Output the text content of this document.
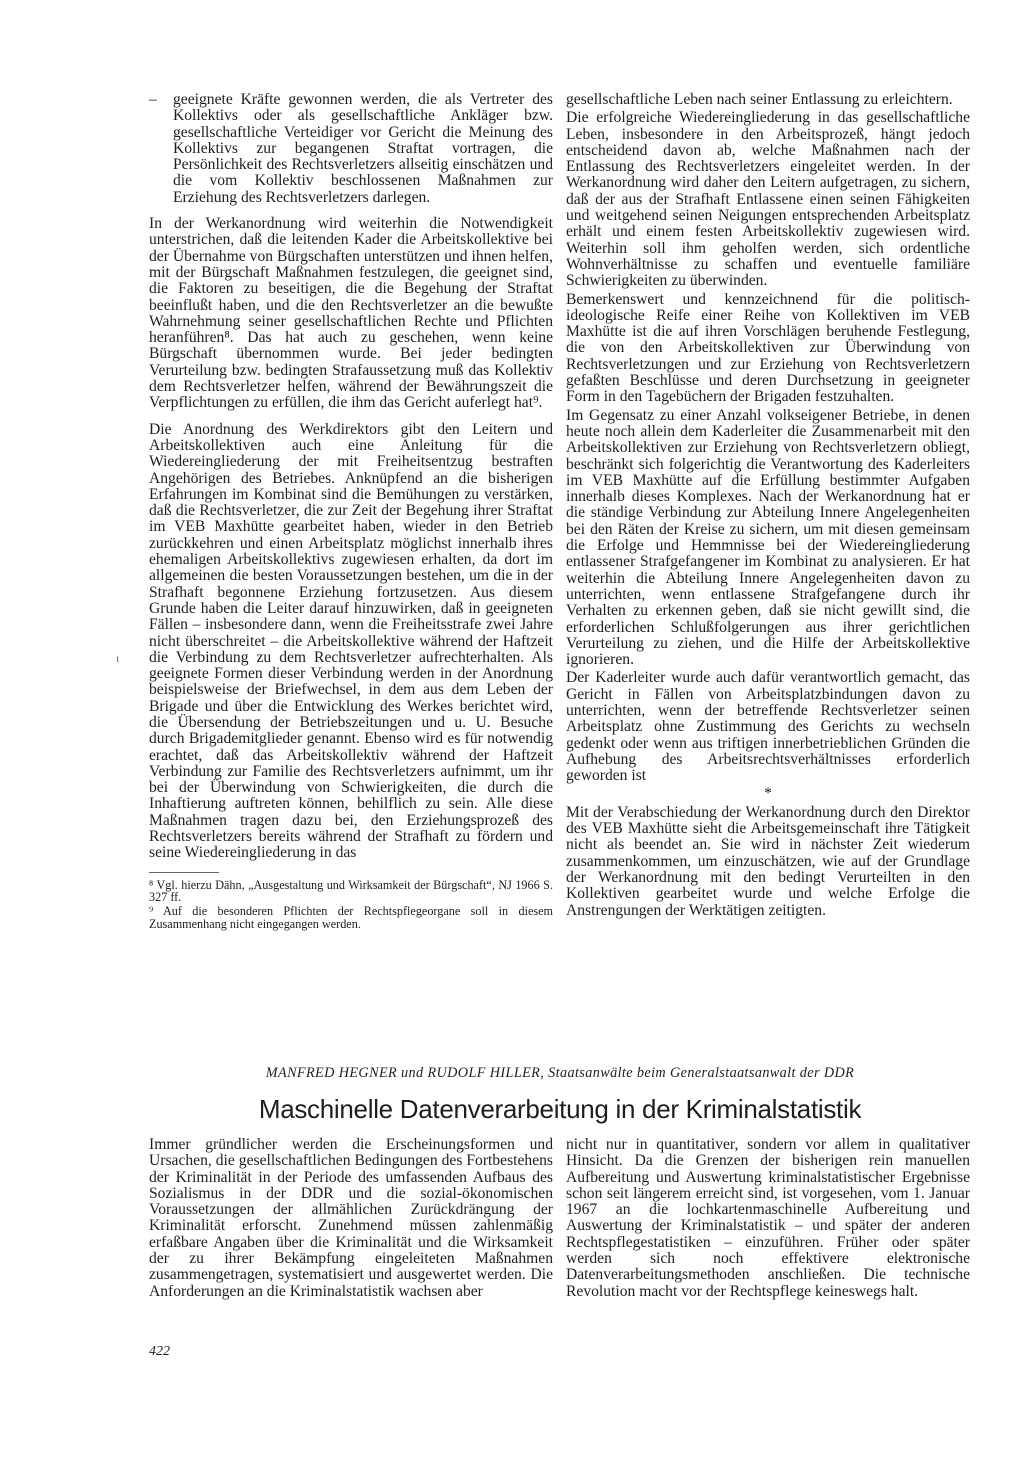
– geeignete Kräfte gewonnen werden, die als Vertreter des Kollektivs oder als gesellschaftliche Ankläger bzw. gesellschaftliche Verteidiger vor Gericht die Meinung des Kollektivs zur begangenen Straftat vortragen, die Persönlichkeit des Rechtsverletzers allseitig einschätzen und die vom Kollektiv beschlossenen Maßnahmen zur Erziehung des Rechtsverletzers darlegen.

In der Werkanordnung wird weiterhin die Notwendigkeit unterstrichen, daß die leitenden Kader die Arbeitskollektive bei der Übernahme von Bürgschaften unterstützen und ihnen helfen, mit der Bürgschaft Maßnahmen festzulegen, die geeignet sind, die Faktoren zu beseitigen, die die Begehung der Straftat beeinflußt haben, und die den Rechtsverletzer an die bewußte Wahrnehmung seiner gesellschaftlichen Rechte und Pflichten heranführen⁸. Das hat auch zu geschehen, wenn keine Bürgschaft übernommen wurde. Bei jeder bedingten Verurteilung bzw. bedingten Strafaussetzung muß das Kollektiv dem Rechtsverletzer helfen, während der Bewährungszeit die Verpflichtungen zu erfüllen, die ihm das Gericht auferlegt hat⁹.

Die Anordnung des Werkdirektors gibt den Leitern und Arbeitskollektiven auch eine Anleitung für die Wiedereingliederung der mit Freiheitsentzug bestraften Angehörigen des Betriebes. Anknüpfend an die bisherigen Erfahrungen im Kombinat sind die Bemühungen zu verstärken, daß die Rechtsverletzer, die zur Zeit der Begehung ihrer Straftat im VEB Maxhütte gearbeitet haben, wieder in den Betrieb zurückkehren und einen Arbeitsplatz möglichst innerhalb ihres ehemaligen Arbeitskollektivs zugewiesen erhalten, da dort im allgemeinen die besten Voraussetzungen bestehen, um die in der Strafhaft begonnene Erziehung fortzusetzen. Aus diesem Grunde haben die Leiter darauf hinzuwirken, daß in geeigneten Fällen – insbesondere dann, wenn die Freiheitsstrafe zwei Jahre nicht überschreitet – die Arbeitskollektive während der Haftzeit die Verbindung zu dem Rechtsverletzer aufrechterhalten. Als geeignete Formen dieser Verbindung werden in der Anordnung beispielsweise der Briefwechsel, in dem aus dem Leben der Brigade und über die Entwicklung des Werkes berichtet wird, die Übersendung der Betriebszeitungen und u. U. Besuche durch Brigademitglieder genannt. Ebenso wird es für notwendig erachtet, daß das Arbeitskollektiv während der Haftzeit Verbindung zur Familie des Rechtsverletzers aufnimmt, um ihr bei der Überwindung von Schwierigkeiten, die durch die Inhaftierung auftreten können, behilflich zu sein. Alle diese Maßnahmen tragen dazu bei, den Erziehungsprozeß des Rechtsverletzers bereits während der Strafhaft zu fördern und seine Wiedereingliederung in das

⁸ Vgl. hierzu Dähn, „Ausgestaltung und Wirksamkeit der Bürgschaft“, NJ 1966 S. 327 ff.

⁹ Auf die besonderen Pflichten der Rechtspflegeorgane soll in diesem Zusammenhang nicht eingegangen werden.

gesellschaftliche Leben nach seiner Entlassung zu erleichtern.

Die erfolgreiche Wiedereingliederung in das gesellschaftliche Leben, insbesondere in den Arbeitsprozeß, hängt jedoch entscheidend davon ab, welche Maßnahmen nach der Entlassung des Rechtsverletzers eingeleitet werden. In der Werkanordnung wird daher den Leitern aufgetragen, zu sichern, daß der aus der Strafhaft Entlassene einen seinen Fähigkeiten und weitgehend seinen Neigungen entsprechenden Arbeitsplatz erhält und einem festen Arbeitskollektiv zugewiesen wird. Weiterhin soll ihm geholfen werden, sich ordentliche Wohnverhältnisse zu schaffen und eventuelle familiäre Schwierigkeiten zu überwinden.

Bemerkenswert und kennzeichnend für die politisch-ideologische Reife einer Reihe von Kollektiven im VEB Maxhütte ist die auf ihren Vorschlägen beruhende Festlegung, die von den Arbeitskollektiven zur Überwindung von Rechtsverletzungen und zur Erziehung von Rechtsverletzern gefaßten Beschlüsse und deren Durchsetzung in geeigneter Form in den Tagebüchern der Brigaden festzuhalten.

Im Gegensatz zu einer Anzahl volkseigener Betriebe, in denen heute noch allein dem Kaderleiter die Zusammenarbeit mit den Arbeitskollektiven zur Erziehung von Rechtsverletzern obliegt, beschränkt sich folgerichtig die Verantwortung des Kaderleiters im VEB Maxhütte auf die Erfüllung bestimmter Aufgaben innerhalb dieses Komplexes. Nach der Werkanordnung hat er die ständige Verbindung zur Abteilung Innere Angelegenheiten bei den Räten der Kreise zu sichern, um mit diesen gemeinsam die Erfolge und Hemmnisse bei der Wiedereingliederung entlassener Strafgefangener im Kombinat zu analysieren. Er hat weiterhin die Abteilung Innere Angelegenheiten davon zu unterrichten, wenn entlassene Strafgefangene durch ihr Verhalten zu erkennen geben, daß sie nicht gewillt sind, die erforderlichen Schlußfolgerungen aus ihrer gerichtlichen Verurteilung zu ziehen, und die Hilfe der Arbeitskollektive ignorieren.

Der Kaderleiter wurde auch dafür verantwortlich gemacht, das Gericht in Fällen von Arbeitsplatzbindungen davon zu unterrichten, wenn der betreffende Rechtsverletzer seinen Arbeitsplatz ohne Zustimmung des Gerichts zu wechseln gedenkt oder wenn aus triftigen innerbetrieblichen Gründen die Aufhebung des Arbeitsrechtsverhältnisses erforderlich geworden ist

*

Mit der Verabschiedung der Werkanordnung durch den Direktor des VEB Maxhütte sieht die Arbeitsgemeinschaft ihre Tätigkeit nicht als beendet an. Sie wird in nächster Zeit wiederum zusammenkommen, um einzuschätzen, wie auf der Grundlage der Werkanordnung mit den bedingt Verurteilten in den Kollektiven gearbeitet wurde und welche Erfolge die Anstrengungen der Werktätigen zeitigten.

ι
MANFRED HEGNER und RUDOLF HILLER, Staatsanwälte beim Generalstaatsanwalt der DDR
Maschinelle Datenverarbeitung in der Kriminalstatistik

Immer gründlicher werden die Erscheinungsformen und Ursachen, die gesellschaftlichen Bedingungen des Fortbestehens der Kriminalität in der Periode des umfassenden Aufbaus des Sozialismus in der DDR und die sozial-ökonomischen Voraussetzungen der allmählichen Zurückdrängung der Kriminalität erforscht. Zunehmend müssen zahlenmäßig erfaßbare Angaben über die Kriminalität und die Wirksamkeit der zu ihrer Bekämpfung eingeleiteten Maßnahmen zusammengetragen, systematisiert und ausgewertet werden. Die Anforderungen an die Kriminalstatistik wachsen aber

nicht nur in quantitativer, sondern vor allem in qualitativer Hinsicht. Da die Grenzen der bisherigen rein manuellen Aufbereitung und Auswertung kriminalstatistischer Ergebnisse schon seit längerem erreicht sind, ist vorgesehen, vom 1. Januar 1967 an die lochkartenmaschinelle Aufbereitung und Auswertung der Kriminalstatistik – und später der anderen Rechtspflegestatistiken – einzuführen. Früher oder später werden sich noch effektivere elektronische Datenverarbeitungsmethoden anschließen. Die technische Revolution macht vor der Rechtspflege keineswegs halt.

422
